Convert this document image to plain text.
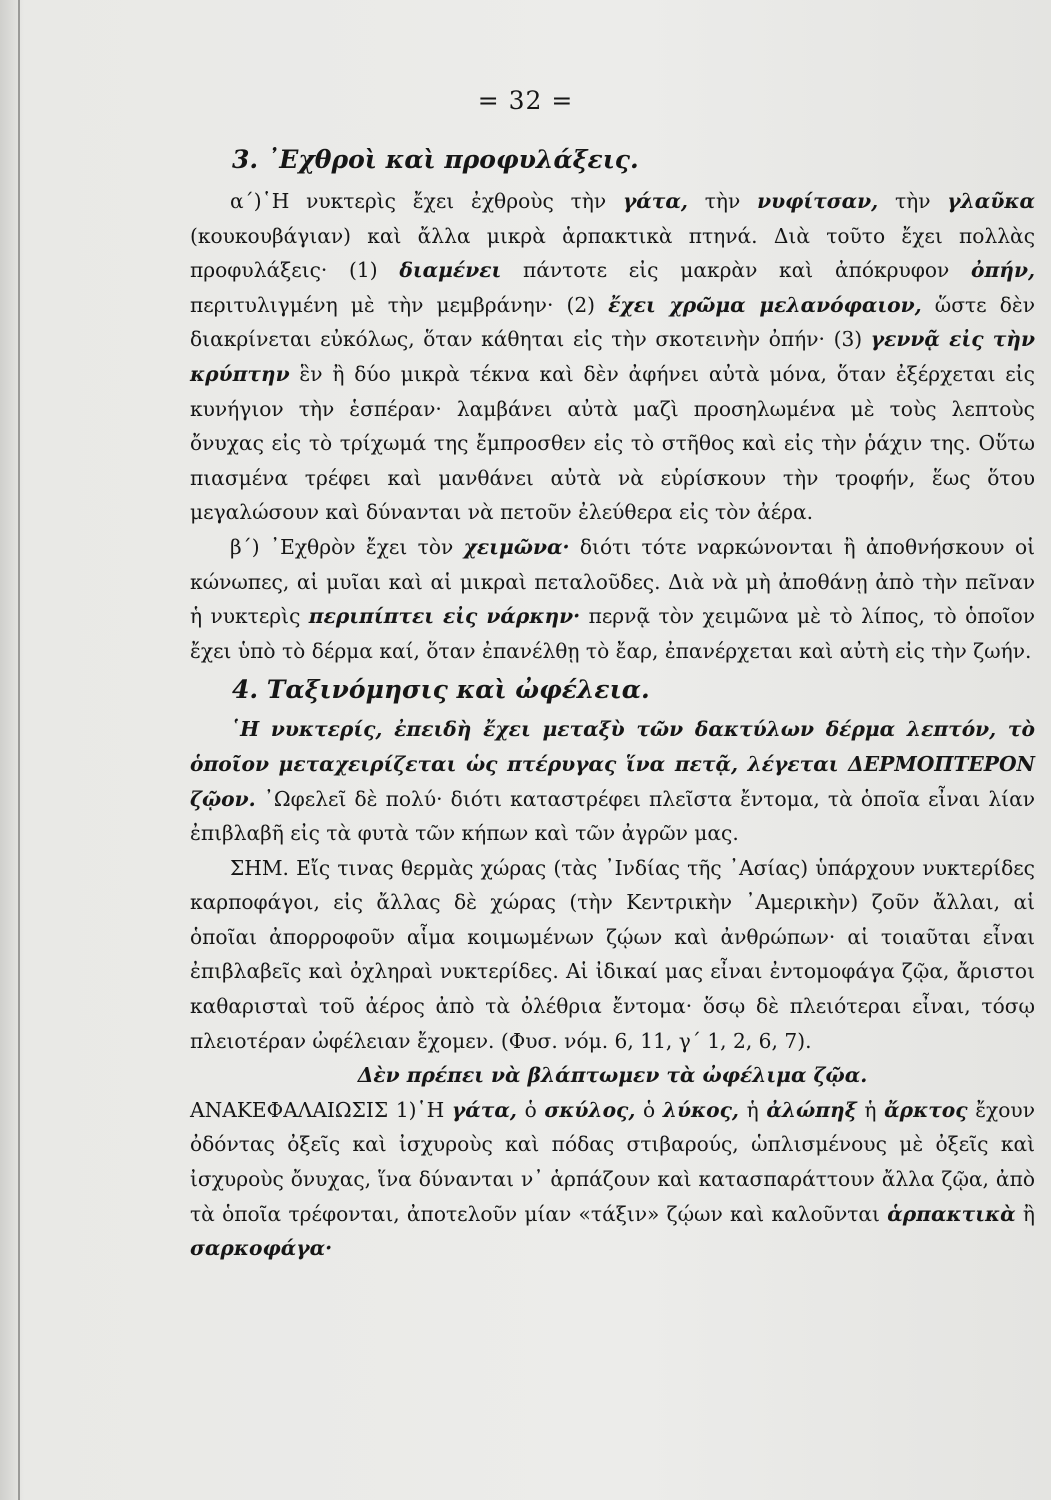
= 32 =
3. ᾿Εχθροὶ καὶ προφυλάξεις.

α΄)῾Η νυκτερὶς ἔχει ἐχθροὺς τὴν γάτα, τὴν νυφίτσαν, τὴν γλαῦκα (κουκουβάγιαν) καὶ ἄλλα μικρὰ ἁρπακτικὰ πτηνά. Διὰ τοῦτο ἔχει πολλὰς προφυλάξεις· (1) διαμένει πάντοτε εἰς μακρὰν καὶ ἀπόκρυφον ὀπήν, περιτυλιγμένη μὲ τὴν μεμβράνην· (2) ἔχει χρῶμα μελανόφαιον, ὥστε δὲν διακρίνεται εὐκόλως, ὅταν κάθηται εἰς τὴν σκοτεινὴν ὀπήν· (3) γεννᾷ εἰς τὴν κρύπτην ἓν ἢ δύο μικρὰ τέκνα καὶ δὲν ἀφήνει αὐτὰ μόνα, ὅταν ἐξέρχεται εἰς κυνήγιον τὴν ἑσπέραν· λαμβάνει αὐτὰ μαζὶ προσηλωμένα μὲ τοὺς λεπτοὺς ὄνυχας εἰς τὸ τρίχωμά της ἔμπροσθεν εἰς τὸ στῆθος καὶ εἰς τὴν ῥάχιν της. Οὕτω πιασμένα τρέφει καὶ μανθάνει αὐτὰ νὰ εὑρίσκουν τὴν τροφήν, ἕως ὅτου μεγαλώσουν καὶ δύνανται νὰ πετοῦν ἐλεύθερα εἰς τὸν ἀέρα.

β΄) ᾿Εχθρὸν ἔχει τὸν χειμῶνα· διότι τότε ναρκώνονται ἢ ἀποθνήσκουν οἱ κώνωπες, αἱ μυῖαι καὶ αἱ μικραὶ πεταλοῦδες. Διὰ νὰ μὴ ἀποθάνῃ ἀπὸ τὴν πεῖναν ἡ νυκτερὶς περιπίπτει εἰς νάρκην· περνᾷ τὸν χειμῶνα μὲ τὸ λίπος, τὸ ὁποῖον ἔχει ὑπὸ τὸ δέρμα καί, ὅταν ἐπανέλθῃ τὸ ἔαρ, ἐπανέρχεται καὶ αὐτὴ εἰς τὴν ζωήν.

4. Ταξινόμησις καὶ ὠφέλεια.

῾Η νυκτερίς, ἐπειδὴ ἔχει μεταξὺ τῶν δακτύλων δέρμα λεπτόν, τὸ ὁποῖον μεταχειρίζεται ὡς πτέρυγας ἵνα πετᾷ, λέγεται ΔΕΡΜΟΠΤΕΡΟΝ ζῷον. ᾿Ωφελεῖ δὲ πολύ· διότι καταστρέφει πλεῖστα ἔντομα, τὰ ὁποῖα εἶναι λίαν ἐπιβλαβῆ εἰς τὰ φυτὰ τῶν κήπων καὶ τῶν ἀγρῶν μας.

ΣΗΜ. Εἴς τινας θερμὰς χώρας (τὰς ᾿Ινδίας τῆς ᾿Ασίας) ὑπάρχουν νυκτερίδες καρποφάγοι, εἰς ἄλλας δὲ χώρας (τὴν Κεντρικὴν ᾿Αμερικὴν) ζοῦν ἄλλαι, αἱ ὁποῖαι ἀπορροφοῦν αἷμα κοιμωμένων ζῴων καὶ ἀνθρώπων· αἱ τοιαῦται εἶναι ἐπιβλαβεῖς καὶ ὀχληραὶ νυκτερίδες. Αἱ ἰδικαί μας εἶναι ἐντομοφάγα ζῷα, ἄριστοι καθαρισταὶ τοῦ ἀέρος ἀπὸ τὰ ὀλέθρια ἔντομα· ὅσῳ δὲ πλειότεραι εἶναι, τόσῳ πλειοτέραν ὠφέλειαν ἔχομεν. (Φυσ. νόμ. 6, 11, γ΄ 1, 2, 6, 7).

Δὲν πρέπει νὰ βλάπτωμεν τὰ ὠφέλιμα ζῷα.

ΑΝΑΚΕΦΑΛΑΙΩΣΙΣ 1)῾Η γάτα, ὁ σκύλος, ὁ λύκος, ἡ ἀλώπηξ ἡ ἄρκτος ἔχουν ὀδόντας ὀξεῖς καὶ ἰσχυροὺς καὶ πόδας στιβαρούς, ὡπλισμένους μὲ ὀξεῖς καὶ ἰσχυροὺς ὄνυχας, ἵνα δύνανται ν᾿ ἁρπάζουν καὶ κατασπαράττουν ἄλλα ζῷα, ἀπὸ τὰ ὁποῖα τρέφονται, ἀποτελοῦν μίαν «τάξιν» ζῴων καὶ καλοῦνται ἁρπακτικὰ ἢ σαρκοφάγα·
